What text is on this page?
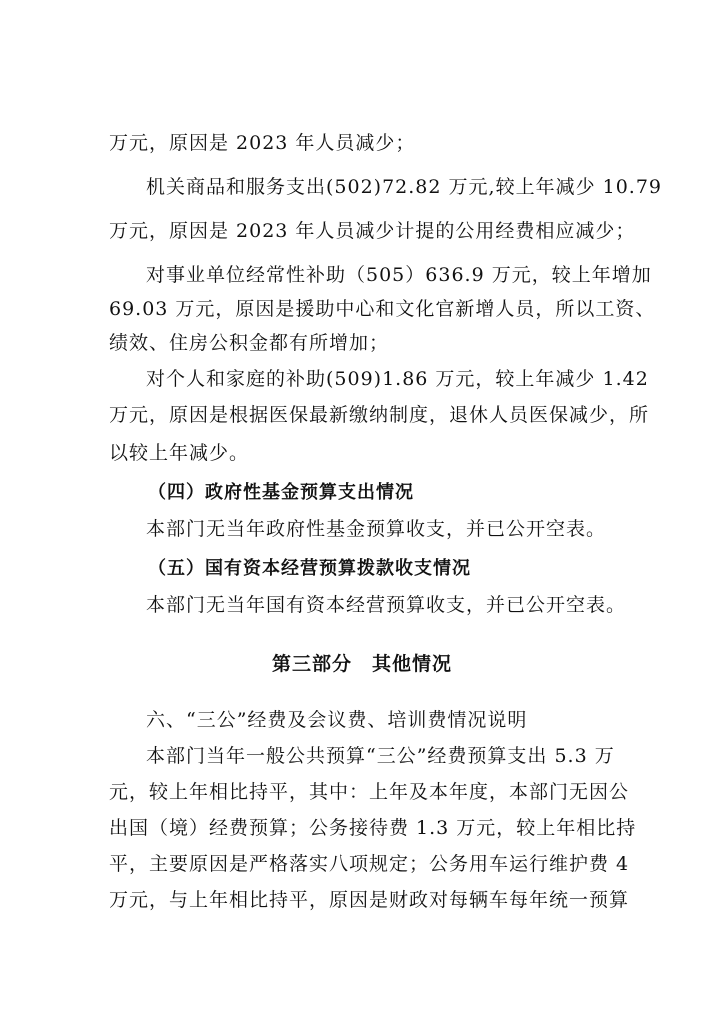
万元，原因是 2023 年人员减少；
机关商品和服务支出(502)72.82 万元,较上年减少 10.79
万元，原因是 2023 年人员减少计提的公用经费相应减少；
对事业单位经常性补助（505）636.9 万元，较上年增加
69.03 万元，原因是援助中心和文化官新增人员，所以工资、
绩效、住房公积金都有所增加；
对个人和家庭的补助(509)1.86 万元，较上年减少 1.42
万元，原因是根据医保最新缴纳制度，退休人员医保减少，所
以较上年减少。
（四）政府性基金预算支出情况
本部门无当年政府性基金预算收支，并已公开空表。
（五）国有资本经营预算拨款收支情况
本部门无当年国有资本经营预算收支，并已公开空表。
第三部分　其他情况
六、“三公”经费及会议费、培训费情况说明
本部门当年一般公共预算“三公”经费预算支出 5.3 万
元，较上年相比持平，其中：上年及本年度，本部门无因公
出国（境）经费预算；公务接待费 1.3 万元，较上年相比持
平，主要原因是严格落实八项规定；公务用车运行维护费 4
万元，与上年相比持平，原因是财政对每辆车每年统一预算
